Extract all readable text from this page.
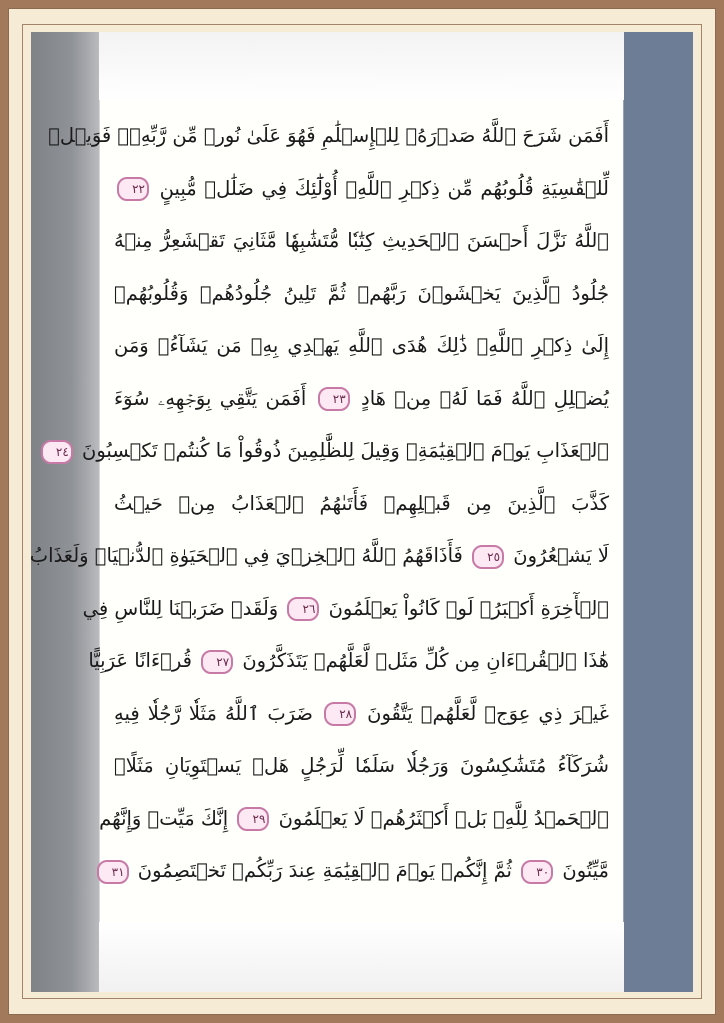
أَفَمَن شَرَحَ ٱللَّهُ صَدۡرَهُۥ لِلۡإِسۡلَٰمِ فَهُوَ عَلَىٰ نُورٖ مِّن رَّبِّهِۦۚ فَوَيۡلٞ
لِّلۡقَٰسِيَةِ قُلُوبُهُم مِّن ذِكۡرِ ٱللَّهِۚ أُوْلَٰٓئِكَ فِي ضَلَٰلٖ مُّبِينٍ ٢٢
ٱللَّهُ نَزَّلَ أَحۡسَنَ ٱلۡحَدِيثِ كِتَٰبٗا مُّتَشَٰبِهٗا مَّثَانِيَ تَقۡشَعِرُّ مِنۡهُ
جُلُودُ ٱلَّذِينَ يَخۡشَوۡنَ رَبَّهُمۡ ثُمَّ تَلِينُ جُلُودُهُمۡ وَقُلُوبُهُمۡ
إِلَىٰ ذِكۡرِ ٱللَّهِۚ ذَٰلِكَ هُدَى ٱللَّهِ يَهۡدِي بِهِۦ مَن يَشَآءُۚ وَمَن
يُضۡلِلِ ٱللَّهُ فَمَا لَهُۥ مِنۡ هَادٍ ٢٣ أَفَمَن يَتَّقِي بِوَجۡهِهِۦ سُوٓءَ
ٱلۡعَذَابِ يَوۡمَ ٱلۡقِيَٰمَةِۚ وَقِيلَ لِلظَّٰلِمِينَ ذُوقُواْ مَا كُنتُمۡ تَكۡسِبُونَ ٢٤
كَذَّبَ ٱلَّذِينَ مِن قَبۡلِهِمۡ فَأَتَىٰهُمُ ٱلۡعَذَابُ مِنۡ حَيۡثُ
لَا يَشۡعُرُونَ ٢٥ فَأَذَاقَهُمُ ٱللَّهُ ٱلۡخِزۡيَ فِي ٱلۡحَيَوٰةِ ٱلدُّنۡيَاۖ وَلَعَذَابُ
ٱلۡأٓخِرَةِ أَكۡبَرُۚ لَوۡ كَانُواْ يَعۡلَمُونَ ٢٦ وَلَقَدۡ ضَرَبۡنَا لِلنَّاسِ فِي
هَٰذَا ٱلۡقُرۡءَانِ مِن كُلِّ مَثَلٖ لَّعَلَّهُمۡ يَتَذَكَّرُونَ ٢٧ قُرۡءَانًا عَرَبِيًّا
غَيۡرَ ذِي عِوَجٖ لَّعَلَّهُمۡ يَتَّقُونَ ٢٨ ضَرَبَ ٱللَّهُ مَثَلٗا رَّجُلٗا فِيهِ
شُرَكَآءُ مُتَشَٰكِسُونَ وَرَجُلٗا سَلَمٗا لِّرَجُلٍ هَلۡ يَسۡتَوِيَانِ مَثَلًاۚ
ٱلۡحَمۡدُ لِلَّهِۚ بَلۡ أَكۡثَرُهُمۡ لَا يَعۡلَمُونَ ٢٩ إِنَّكَ مَيِّتٞ وَإِنَّهُم
مَّيِّتُونَ ٣٠ ثُمَّ إِنَّكُمۡ يَوۡمَ ٱلۡقِيَٰمَةِ عِندَ رَبِّكُمۡ تَخۡتَصِمُونَ ٣١
